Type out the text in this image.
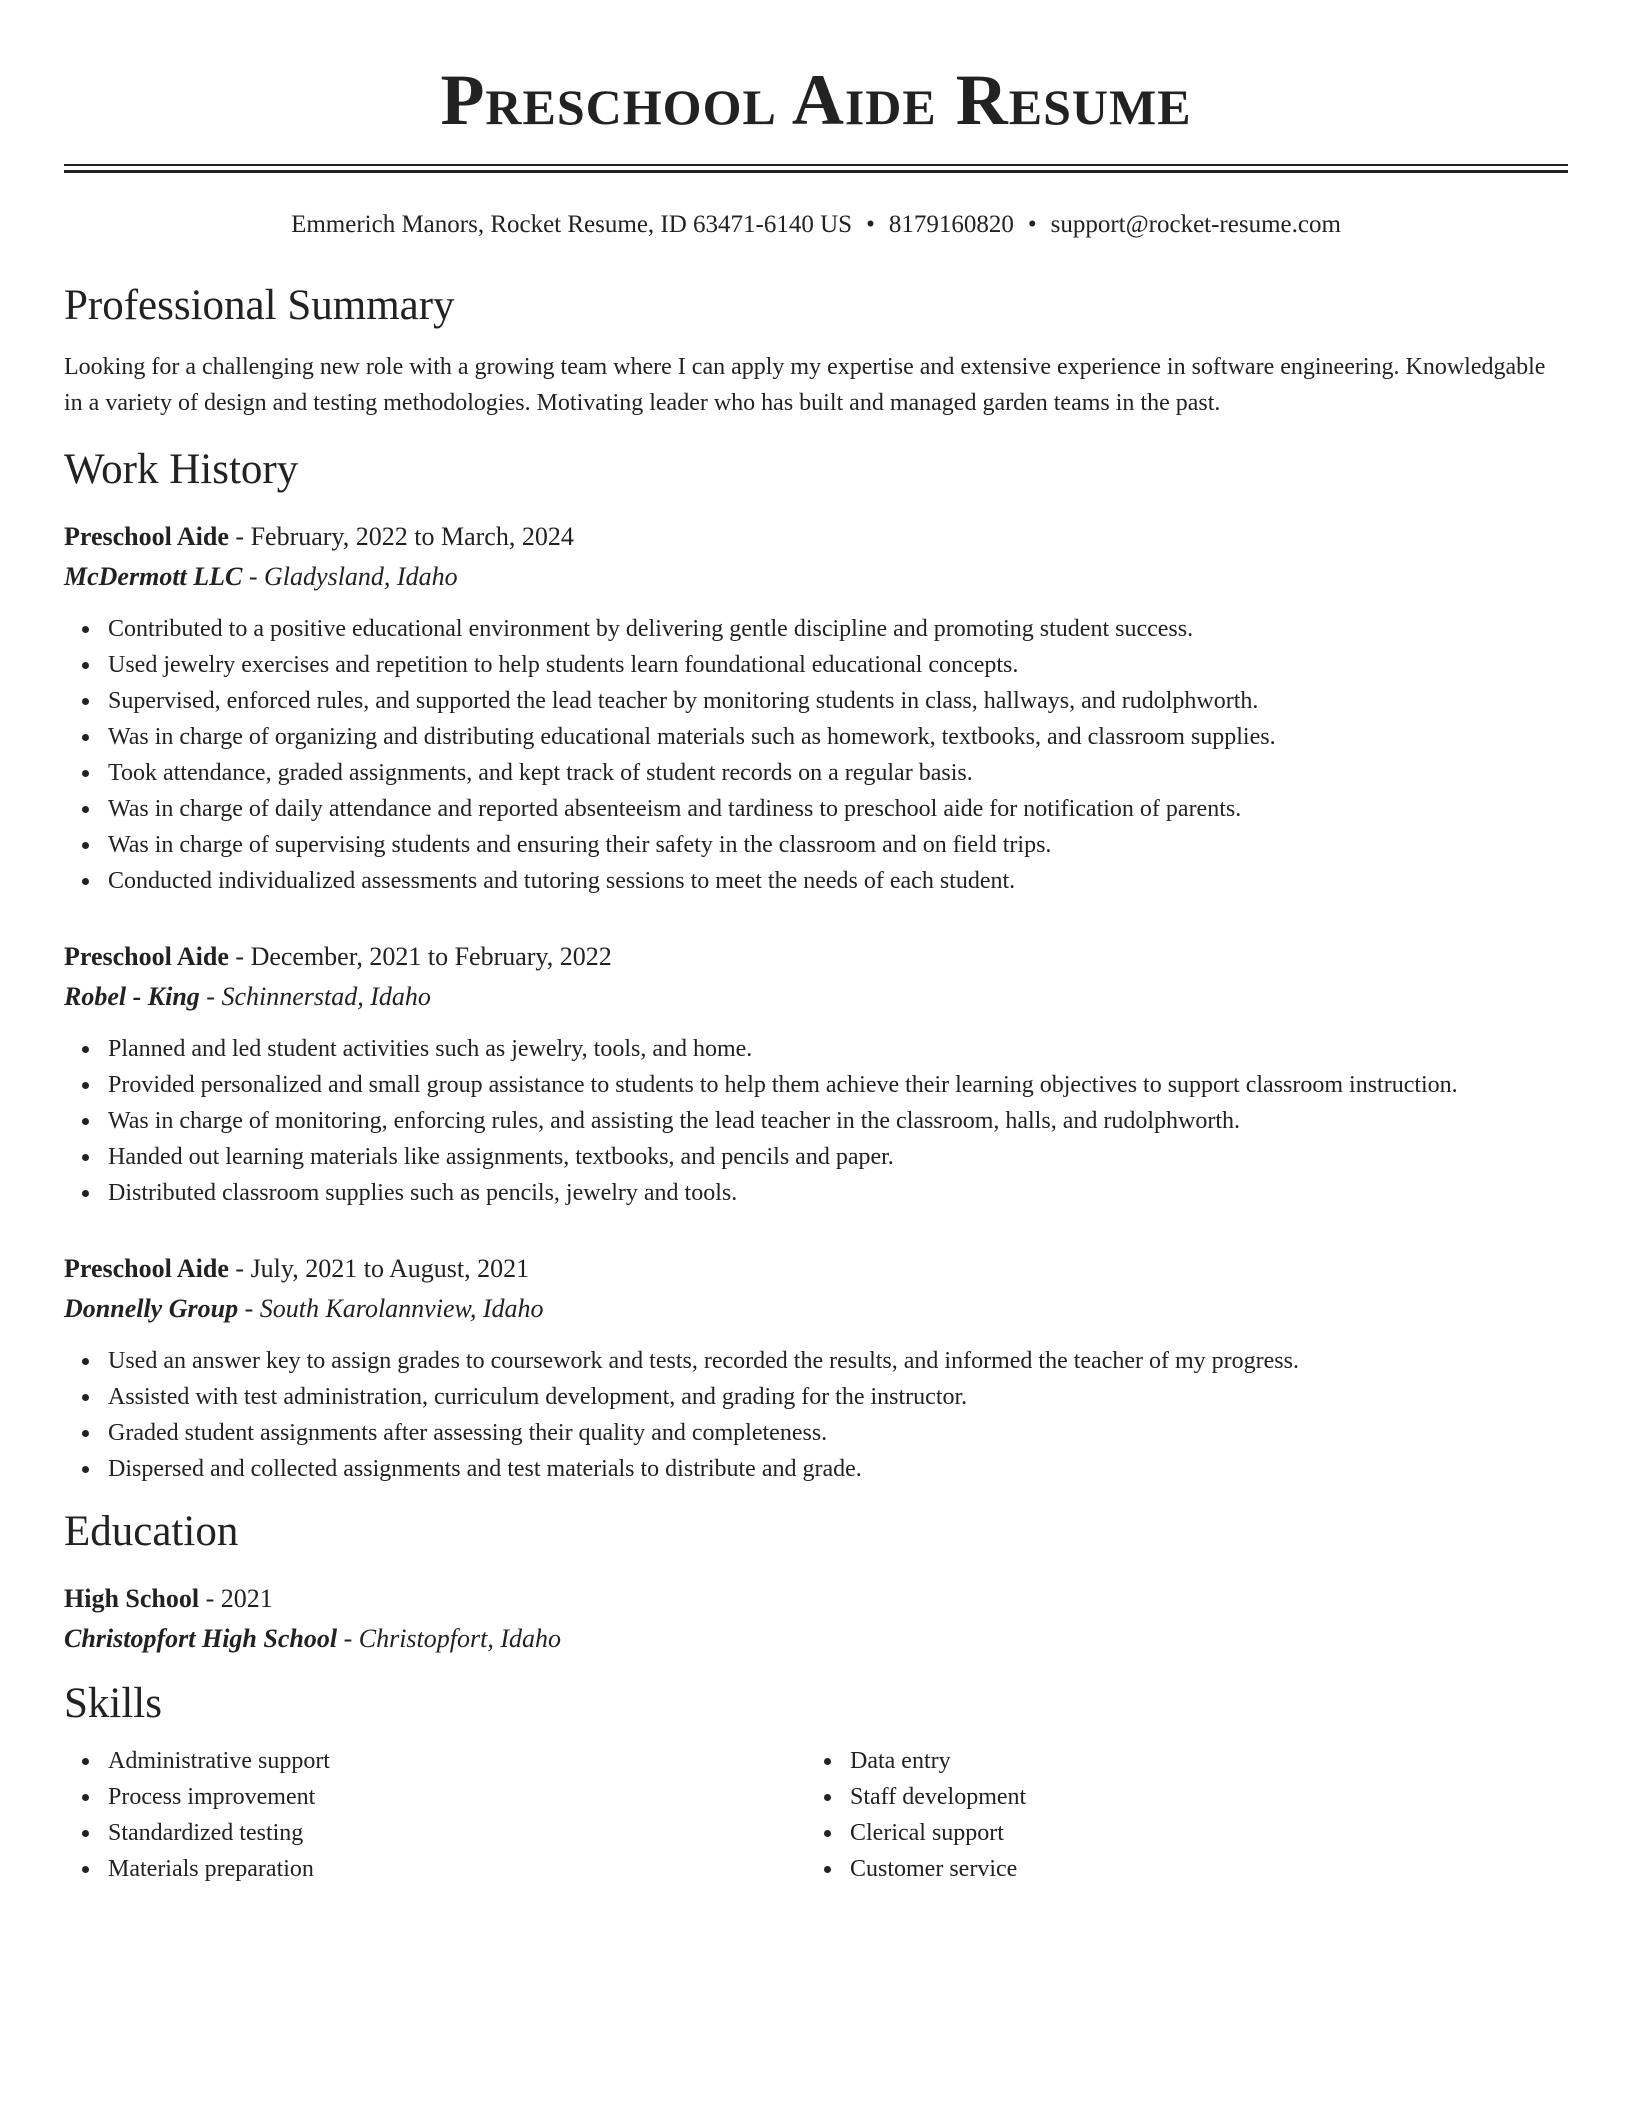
Preschool Aide Resume
Emmerich Manors, Rocket Resume, ID 63471-6140 US • 8179160820 • support@rocket-resume.com
Professional Summary
Looking for a challenging new role with a growing team where I can apply my expertise and extensive experience in software engineering. Knowledgable in a variety of design and testing methodologies. Motivating leader who has built and managed garden teams in the past.
Work History
Preschool Aide - February, 2022 to March, 2024
McDermott LLC - Gladysland, Idaho
Contributed to a positive educational environment by delivering gentle discipline and promoting student success.
Used jewelry exercises and repetition to help students learn foundational educational concepts.
Supervised, enforced rules, and supported the lead teacher by monitoring students in class, hallways, and rudolphworth.
Was in charge of organizing and distributing educational materials such as homework, textbooks, and classroom supplies.
Took attendance, graded assignments, and kept track of student records on a regular basis.
Was in charge of daily attendance and reported absenteeism and tardiness to preschool aide for notification of parents.
Was in charge of supervising students and ensuring their safety in the classroom and on field trips.
Conducted individualized assessments and tutoring sessions to meet the needs of each student.
Preschool Aide - December, 2021 to February, 2022
Robel - King - Schinnerstad, Idaho
Planned and led student activities such as jewelry, tools, and home.
Provided personalized and small group assistance to students to help them achieve their learning objectives to support classroom instruction.
Was in charge of monitoring, enforcing rules, and assisting the lead teacher in the classroom, halls, and rudolphworth.
Handed out learning materials like assignments, textbooks, and pencils and paper.
Distributed classroom supplies such as pencils, jewelry and tools.
Preschool Aide - July, 2021 to August, 2021
Donnelly Group - South Karolannview, Idaho
Used an answer key to assign grades to coursework and tests, recorded the results, and informed the teacher of my progress.
Assisted with test administration, curriculum development, and grading for the instructor.
Graded student assignments after assessing their quality and completeness.
Dispersed and collected assignments and test materials to distribute and grade.
Education
High School - 2021
Christopfort High School - Christopfort, Idaho
Skills
Administrative support
Process improvement
Standardized testing
Materials preparation
Data entry
Staff development
Clerical support
Customer service
